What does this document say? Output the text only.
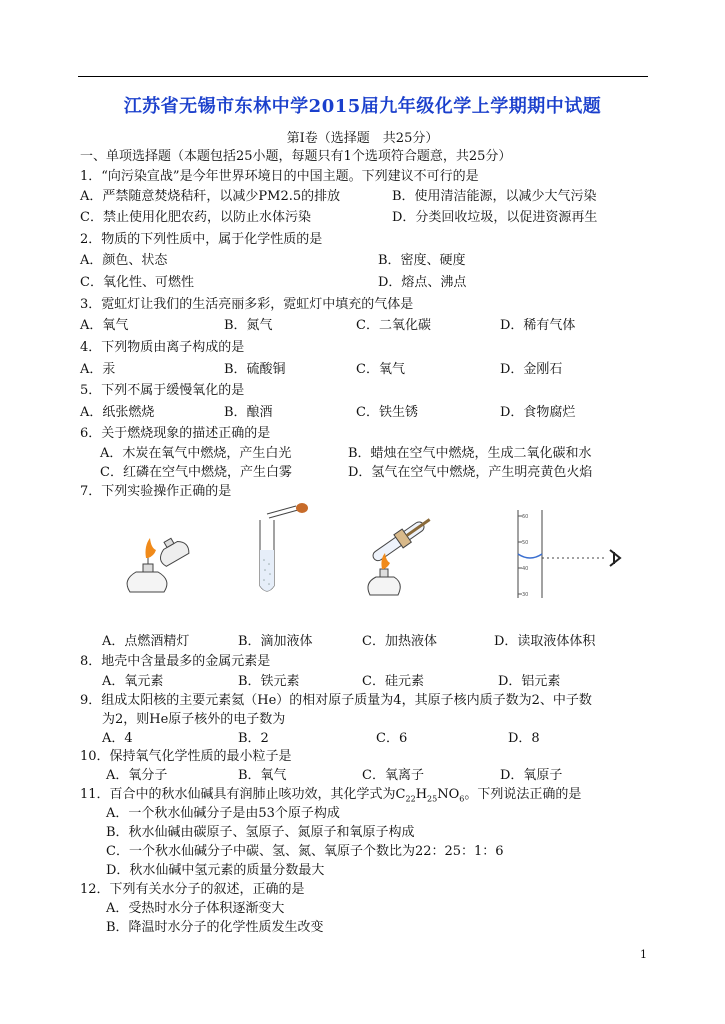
江苏省无锡市东林中学2015届九年级化学上学期期中试题
第Ⅰ卷（选择题　共25分）
一、单项选择题（本题包括25小题，每题只有1个选项符合题意，共25分）
1．“向污染宣战”是今年世界环境日的中国主题。下列建议不可行的是
A．严禁随意焚烧秸秆，以减少PM2.5的排放	B．使用清洁能源，以减少大气污染
C．禁止使用化肥农药，以防止水体污染	D．分类回收垃圾，以促进资源再生
2．物质的下列性质中，属于化学性质的是
A．颜色、状态	B．密度、硬度
C．氧化性、可燃性	D．熔点、沸点
3．霓虹灯让我们的生活亮丽多彩，霓虹灯中填充的气体是
A．氧气	B．氮气	C．二氧化碳	D．稀有气体
4．下列物质由离子构成的是
A．汞	B．硫酸铜	C．氧气	D．金刚石
5．下列不属于缓慢氧化的是
A．纸张燃烧	B．酿酒	C．铁生锈	D．食物腐烂
6．关于燃烧现象的描述正确的是
A．木炭在氧气中燃烧，产生白光	B．蜡烛在空气中燃烧，生成二氧化碳和水
C．红磷在空气中燃烧，产生白雾	D．氢气在空气中燃烧，产生明亮黄色火焰
7．下列实验操作正确的是
60
50
40
30
A．点燃酒精灯	B．滴加液体	C．加热液体	D．读取液体体积
8．地壳中含量最多的金属元素是
A．氧元素	B．铁元素	C．硅元素	D．铝元素
9．组成太阳核的主要元素氦（He）的相对原子质量为4，其原子核内质子数为2、中子数
为2，则He原子核外的电子数为
A．4	B．2	C．6	D．8
10．保持氧气化学性质的最小粒子是
A．氧分子	B．氧气	C．氧离子	D．氧原子
11．百合中的秋水仙碱具有润肺止咳功效，其化学式为$C_{22}H_{25}NO_6$。下列说法正确的是
A．一个秋水仙碱分子是由53个原子构成
B．秋水仙碱由碳原子、氢原子、氮原子和氧原子构成
C．一个秋水仙碱分子中碳、氢、氮、氧原子个数比为22：25：1：6
D．秋水仙碱中氢元素的质量分数最大
12．下列有关水分子的叙述，正确的是
A．受热时水分子体积逐渐变大
B．降温时水分子的化学性质发生改变
1
